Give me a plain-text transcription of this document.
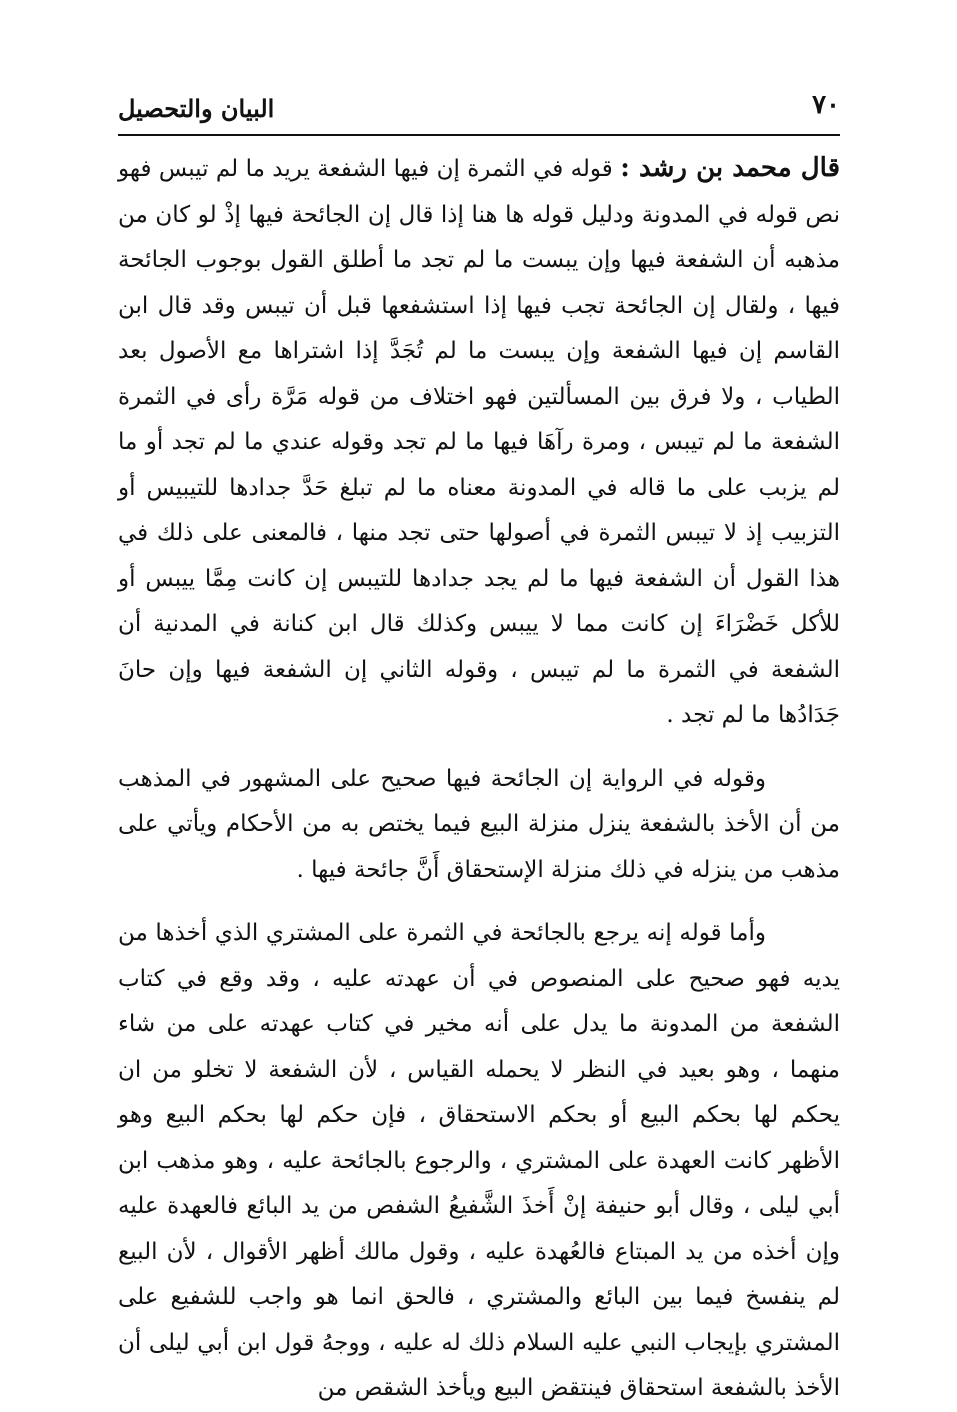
البيان والتحصيل	٧٠

قال محمد بن رشد : قوله في الثمرة إن فيها الشفعة يريد ما لم تيبس فهو نص قوله في المدونة ودليل قوله ها هنا إذا قال إن الجائحة فيها إذْ لو كان من مذهبه أن الشفعة فيها وإن يبست ما لم تجد ما أطلق القول بوجوب الجائحة فيها ، ولقال إن الجائحة تجب فيها إذا استشفعها قبل أن تيبس وقد قال ابن القاسم إن فيها الشفعة وإن يبست ما لم تُجَدَّ إذا اشتراها مع الأصول بعد الطياب ، ولا فرق بين المسألتين فهو اختلاف من قوله مَرَّة رأى في الثمرة الشفعة ما لم تيبس ، ومرة رآهَا فيها ما لم تجد وقوله عندي ما لم تجد أو ما لم يزبب على ما قاله في المدونة معناه ما لم تبلغ حَدَّ جدادها للتيبيس أو التزبيب إذ لا تيبس الثمرة في أصولها حتى تجد منها ، فالمعنى على ذلك في هذا القول أن الشفعة فيها ما لم يجد جدادها للتيبس إن كانت مِمَّا ييبس أو للأكل خَضْرَاءَ إن كانت مما لا ييبس وكذلك قال ابن كنانة في المدنية أن الشفعة في الثمرة ما لم تيبس ، وقوله الثاني إن الشفعة فيها وإن حانَ جَدَادُها ما لم تجد .

وقوله في الرواية إن الجائحة فيها صحيح على المشهور في المذهب من أن الأخذ بالشفعة ينزل منزلة البيع فيما يختص به من الأحكام ويأتي على مذهب من ينزله في ذلك منزلة الإستحقاق أَنَّ جائحة فيها .

وأما قوله إنه يرجع بالجائحة في الثمرة على المشتري الذي أخذها من يديه فهو صحيح على المنصوص في أن عهدته عليه ، وقد وقع في كتاب الشفعة من المدونة ما يدل على أنه مخير في كتاب عهدته على من شاء منهما ، وهو بعيد في النظر لا يحمله القياس ، لأن الشفعة لا تخلو من ان يحكم لها بحكم البيع أو بحكم الاستحقاق ، فإن حكم لها بحكم البيع وهو الأظهر كانت العهدة على المشتري ، والرجوع بالجائحة عليه ، وهو مذهب ابن أبي ليلى ، وقال أبو حنيفة إنْ أَخذَ الشَّفيعُ الشفص من يد البائع فالعهدة عليه وإن أخذه من يد المبتاع فالعُهدة عليه ، وقول مالك أظهر الأقوال ، لأن البيع لم ينفسخ فيما بين البائع والمشتري ، فالحق انما هو واجب للشفيع على المشتري بإيجاب النبي عليه السلام ذلك له عليه ، ووجهُ قول ابن أبي ليلى أن الأخذ بالشفعة استحقاق فينتقض البيع ويأخذ الشقص من
